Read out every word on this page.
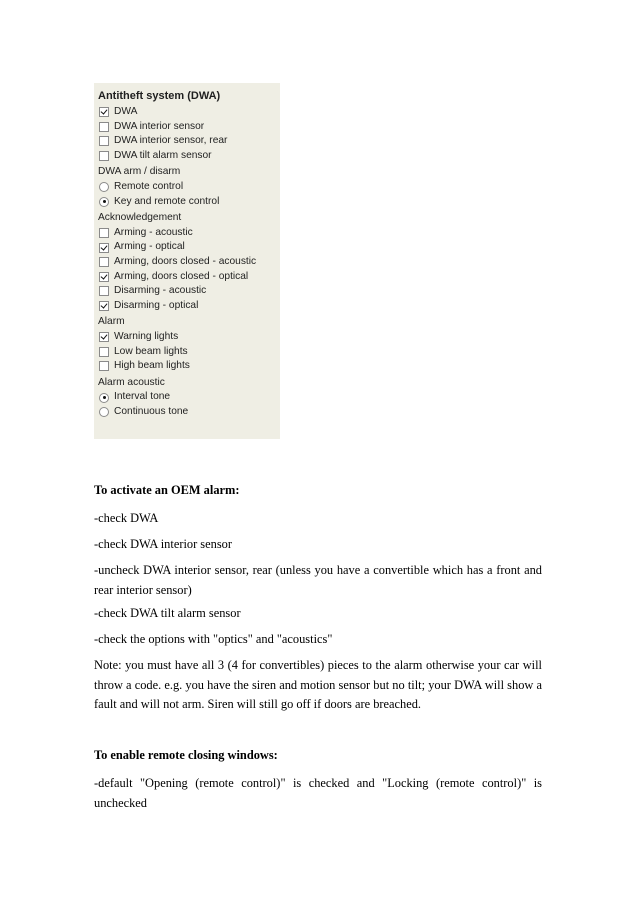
Antitheft system (DWA)
DWA
DWA interior sensor
DWA interior sensor, rear
DWA tilt alarm sensor
DWA arm / disarm
Remote control
Key and remote control
Acknowledgement
Arming - acoustic
Arming - optical
Arming, doors closed - acoustic
Arming, doors closed - optical
Disarming - acoustic
Disarming - optical
Alarm
Warning lights
Low beam lights
High beam lights
Alarm acoustic
Interval tone
Continuous tone

To activate an OEM alarm:

-check DWA

-check DWA interior sensor

-uncheck DWA interior sensor, rear (unless you have a convertible which has a front and rear interior sensor)

-check DWA tilt alarm sensor

-check the options with "optics" and "acoustics"

Note: you must have all 3 (4 for convertibles) pieces to the alarm otherwise your car will throw a code. e.g. you have the siren and motion sensor but no tilt; your DWA will show a fault and will not arm. Siren will still go off if doors are breached.

To enable remote closing windows:

-default "Opening (remote control)" is checked and "Locking (remote control)" is unchecked
